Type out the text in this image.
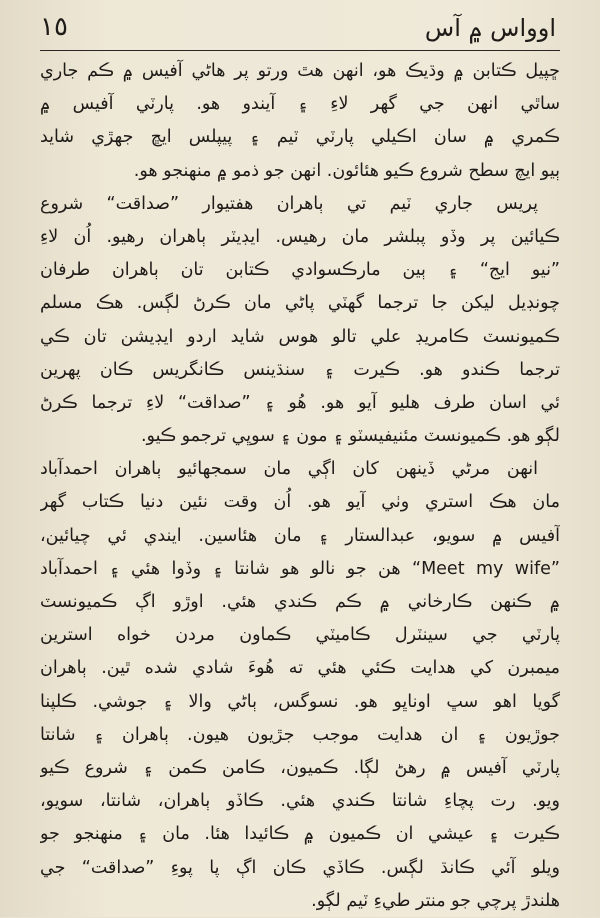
١٥	اوواس ۾ آس
ڇپيل ڪتابن ۾ وڌيڪ هو، انهن هٿ ورتو پر هاڻي آفيس ۾ ڪم جاري
ساٿي انهن جي گهر لاءِ ۽ آيندو هو. پارٽي آفيس ۾
ڪمري ۾ سان اڪيلي پارٽي ٽيم ۽ پيپلس ايڇ جهڙي شايد
ٻيو ايچ سطح شروع ڪيو هئائون. انهن جو ذمو ۾ منهنجو هو.
پريس جاري ٽيم تي ٻاهران هفتيوار ”صداقت“ شروع
ڪيائين پر وڏو پبلشر مان رهيس. ايڊيٽر ٻاهران رهيو. اُن لاءِ
”نيو ايج“ ۽ ٻين مارڪسوادي ڪتابن تان ٻاهران طرفان
چونڊيل ليکن جا ترجما گهٽي پاڻي مان ڪرڻ لڳس. هڪ مسلم
ڪميونسٽ ڪامريڊ علي تالو هوس شايد اردو ايڊيشن تان ڪي
ترجما ڪندو هو. ڪيرت ۽ سنڌينس ڪانگريس ڪان پهرين
ئي اسان طرف هليو آيو هو. هُو ۽ ”صداقت“ لاءِ ترجما ڪرڻ
لڳو هو. ڪميونسٽ مئنيفيسٽو ۽ مون ۽ سوڀي ترجمو ڪيو.
انهن مرڻي ڏينهن کان اڳي مان سمجهائيو ٻاهران احمدآباد
مان هڪ استري وٺي آيو هو. اُن وقت نئين دنيا ڪتاب گهر
آفيس ۾ سويو، عبدالستار ۽ مان هئاسين. ايندي ئي چيائين،
”Meet my wife“ هن جو نالو هو شانتا ۽ وڏوا هئي ۽ احمدآباد
۾ ڪنهن ڪارخاني ۾ ڪم ڪندي هئي. اوڙو اڳ ڪميونسٽ
پارٽي جي سينٽرل ڪاميٽي ڪماون مردن خواه استرين
ميمبرن کي هدايت ڪئي هئي ته هُوءَ شادي شده ٿين. ٻاهران
گويا اهو سڀ اوناڀو هو. نسوگس، ٻاڻي والا ۽ جوشي. ڪلپنا
جوڙيون ۽ ان هدايت موجب جڙيون هيون. ٻاهران ۽ شانتا
پارٽي آفيس ۾ رهڻ لڳا. ڪميون، ڪامن ڪمن ۽ شروع ڪيو
ويو. رت پچاءِ شانتا ڪندي هئي. ڪاڏو ٻاهران، شانتا، سويو،
ڪيرت ۽ عيشي ان ڪميون ۾ ڪائيدا هئا. مان ۽ منهنجو جو
ويلو آئي ڪانڌ لڳس. ڪاڏي ڪان اڳ پا پوءِ ”صداقت“ جي
هلندڙ پرچي جو منتر طيءِ ٽيم لڳو.
